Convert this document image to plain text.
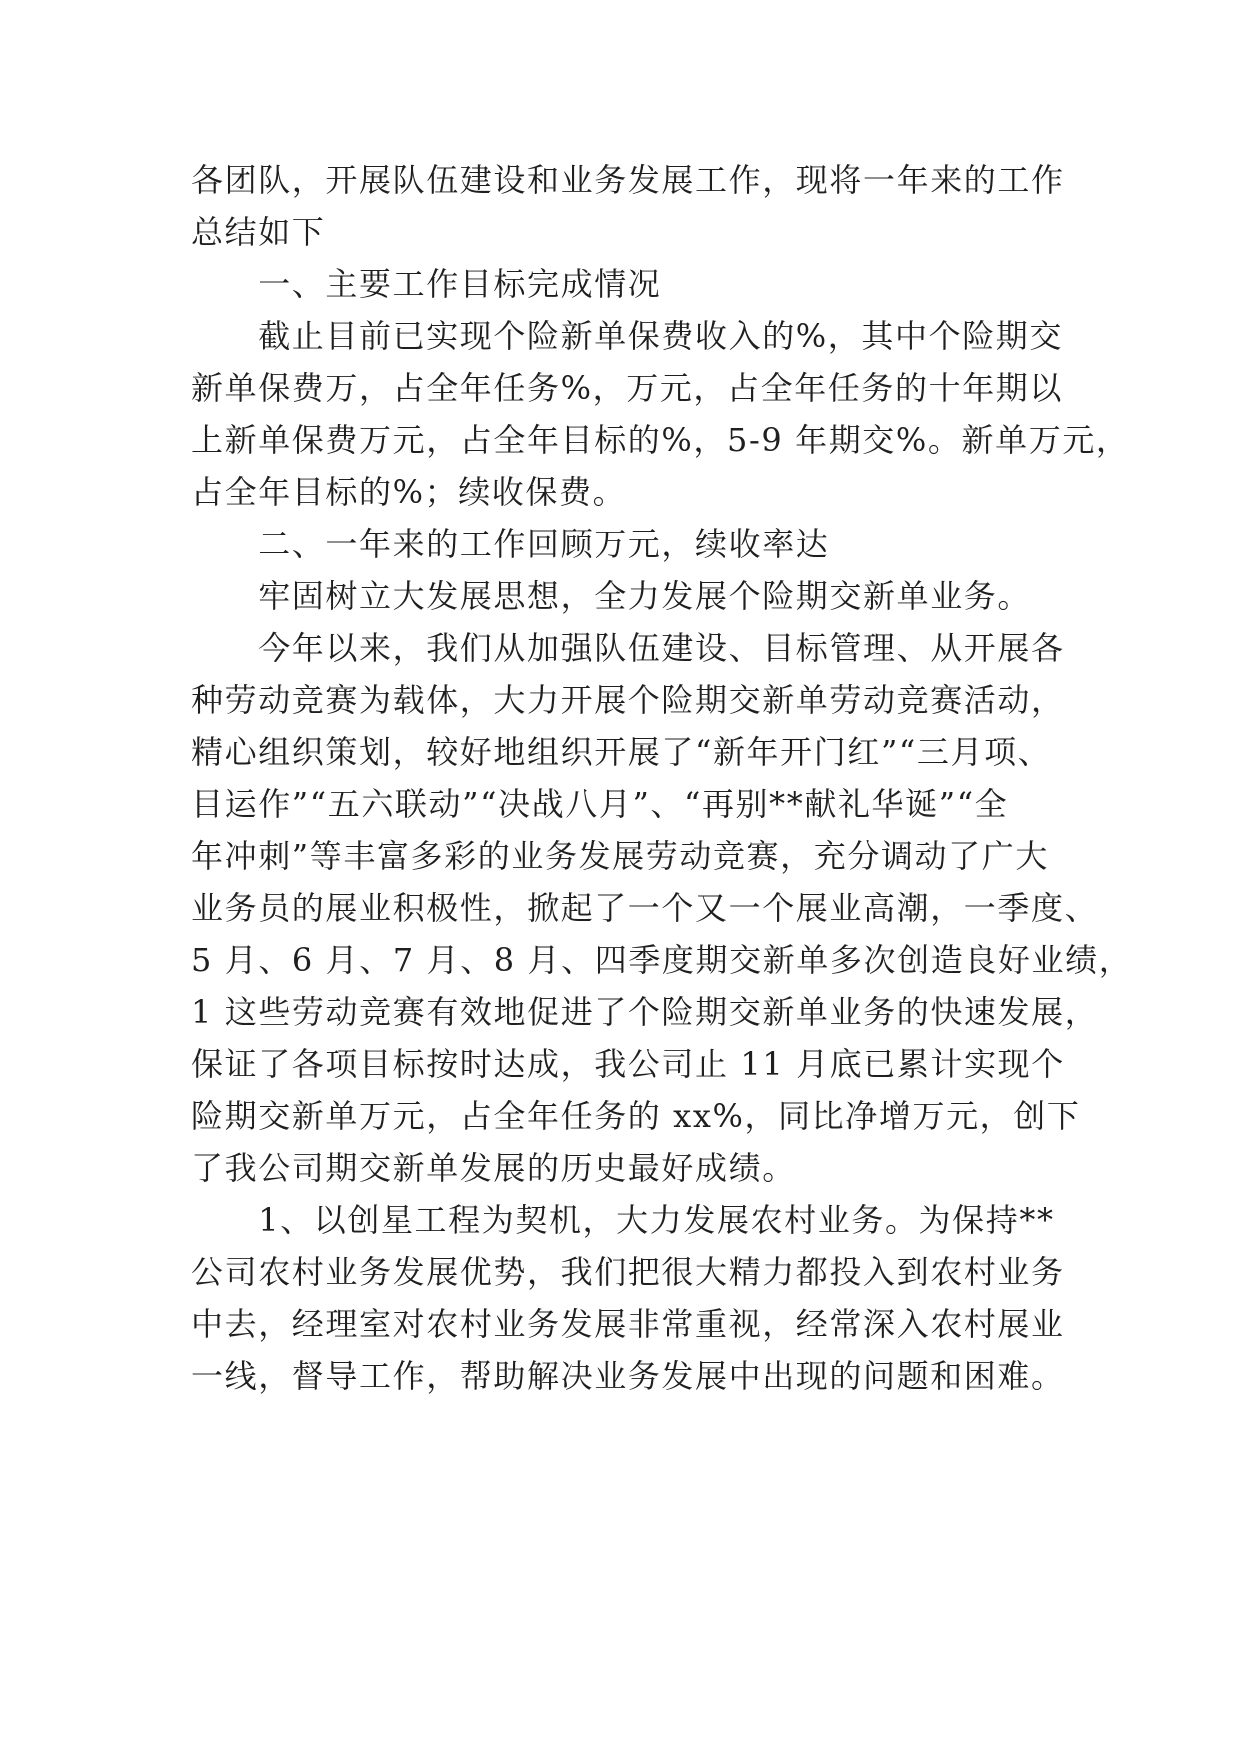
各团队，开展队伍建设和业务发展工作，现将一年来的工作
总结如下
　　一、主要工作目标完成情况
　　截止目前已实现个险新单保费收入的%，其中个险期交
新单保费万，占全年任务%，万元，占全年任务的十年期以
上新单保费万元，占全年目标的%，5-9 年期交%。新单万元，
占全年目标的%；续收保费。
　　二、一年来的工作回顾万元，续收率达
　　牢固树立大发展思想，全力发展个险期交新单业务。
　　今年以来，我们从加强队伍建设、目标管理、从开展各
种劳动竞赛为载体，大力开展个险期交新单劳动竞赛活动，
精心组织策划，较好地组织开展了“新年开门红”“三月项、
目运作”“五六联动”“决战八月”、“再别**献礼华诞”“全
年冲刺”等丰富多彩的业务发展劳动竞赛，充分调动了广大
业务员的展业积极性，掀起了一个又一个展业高潮，一季度、
5 月、6 月、7 月、8 月、四季度期交新单多次创造良好业绩，
1 这些劳动竞赛有效地促进了个险期交新单业务的快速发展，
保证了各项目标按时达成，我公司止 11 月底已累计实现个
险期交新单万元，占全年任务的 xx%，同比净增万元，创下
了我公司期交新单发展的历史最好成绩。
　　1、以创星工程为契机，大力发展农村业务。为保持**
公司农村业务发展优势，我们把很大精力都投入到农村业务
中去，经理室对农村业务发展非常重视，经常深入农村展业
一线，督导工作，帮助解决业务发展中出现的问题和困难。
